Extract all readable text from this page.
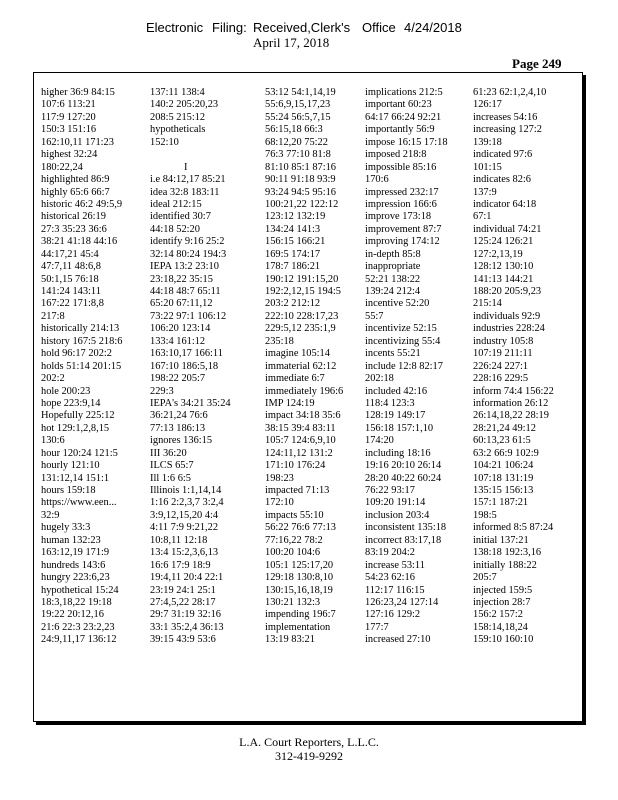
Electronic Filing: Received,Clerk's Office 4/24/2018
April 17, 2018
Page 249
higher 36:9 84:15
107:6 113:21
117:9 127:20
150:3 151:16
162:10,11 171:23
highest 32:24
180:22,24
highlighted 86:9
highly 65:6 66:7
historic 46:2 49:5,9
historical 26:19
27:3 35:23 36:6
38:21 41:18 44:16
44:17,21 45:4
47:7,11 48:6,8
50:1,15 76:18
141:24 143:11
167:22 171:8,8
217:8
historically 214:13
history 167:5 218:6
hold 96:17 202:2
holds 51:14 201:15
202:2
hole 200:23
hope 223:9,14
Hopefully 225:12
hot 129:1,2,8,15
130:6
hour 120:24 121:5
hourly 121:10
131:12,14 151:1
hours 159:18
https://www.een...
32:9
hugely 33:3
human 132:23
163:12,19 171:9
hundreds 143:6
hungry 223:6,23
hypothetical 15:24
18:3,18,22 19:18
19:22 20:12,16
21:6 22:3 23:2,23
24:9,11,17 136:12
137:11 138:4
140:2 205:20,23
208:5 215:12
hypotheticals
152:10
I
i.e 84:12,17 85:21
idea 32:8 183:11
ideal 212:15
identified 30:7
44:18 52:20
identify 9:16 25:2
32:14 80:24 194:3
IEPA 13:2 23:10
23:18,22 35:15
44:18 48:7 65:11
65:20 67:11,12
73:22 97:1 106:12
106:20 123:14
133:4 161:12
163:10,17 166:11
167:10 186:5,18
198:22 205:7
229:3
IEPA's 34:21 35:24
36:21,24 76:6
77:13 186:13
ignores 136:15
III 36:20
ILCS 65:7
Ill 1:6 6:5
Illinois 1:1,14,14
1:16 2:2,3,7 3:2,4
3:9,12,15,20 4:4
4:11 7:9 9:21,22
10:8,11 12:18
13:4 15:2,3,6,13
16:6 17:9 18:9
19:4,11 20:4 22:1
23:19 24:1 25:1
27:4,5,22 28:17
29:7 31:19 32:16
33:1 35:2,4 36:13
39:15 43:9 53:6
53:12 54:1,14,19
55:6,9,15,17,23
55:24 56:5,7,15
56:15,18 66:3
68:12,20 75:22
76:3 77:10 81:8
81:10 85:1 87:16
90:11 91:18 93:9
93:24 94:5 95:16
100:21,22 122:12
123:12 132:19
134:24 141:3
156:15 166:21
169:5 174:17
178:7 186:21
190:12 191:15,20
192:2,12,15 194:5
203:2 212:12
222:10 228:17,23
229:5,12 235:1,9
235:18
imagine 105:14
immaterial 62:12
immediate 6:7
immediately 196:6
IMP 124:19
impact 34:18 35:6
38:15 39:4 83:11
105:7 124:6,9,10
124:11,12 131:2
171:10 176:24
198:23
impacted 71:13
172:10
impacts 55:10
56:22 76:6 77:13
77:16,22 78:2
100:20 104:6
105:1 125:17,20
129:18 130:8,10
130:15,16,18,19
130:21 132:3
impending 196:7
implementation
13:19 83:21
implications 212:5
important 60:23
64:17 66:24 92:21
importantly 56:9
impose 16:15 17:18
imposed 218:8
impossible 85:16
170:6
impressed 232:17
impression 166:6
improve 173:18
improvement 87:7
improving 174:12
in-depth 85:8
inappropriate
52:21 138:22
139:24 212:4
incentive 52:20
55:7
incentivize 52:15
incentivizing 55:4
incents 55:21
include 12:8 82:17
202:18
included 42:16
118:4 123:3
128:19 149:17
156:18 157:1,10
174:20
including 18:16
19:16 20:10 26:14
28:20 40:22 60:24
76:22 93:17
109:20 191:14
inclusion 203:4
inconsistent 135:18
incorrect 83:17,18
83:19 204:2
increase 53:11
54:23 62:16
112:17 116:15
126:23,24 127:14
127:16 129:2
177:7
increased 27:10
61:23 62:1,2,4,10
126:17
increases 54:16
increasing 127:2
139:18
indicated 97:6
101:15
indicates 82:6
137:9
indicator 64:18
67:1
individual 74:21
125:24 126:21
127:2,13,19
128:12 130:10
141:13 144:21
188:20 205:9,23
215:14
individuals 92:9
industries 228:24
industry 105:8
107:19 211:11
226:24 227:1
228:16 229:5
inform 74:4 156:22
information 26:12
26:14,18,22 28:19
28:21,24 49:12
60:13,23 61:5
63:2 66:9 102:9
104:21 106:24
107:18 131:19
135:15 156:13
157:1 187:21
198:5
informed 8:5 87:24
initial 137:21
138:18 192:3,16
initially 188:22
205:7
injected 159:5
injection 28:7
156:2 157:2
158:14,18,24
159:10 160:10
L.A. Court Reporters, L.L.C.
312-419-9292
